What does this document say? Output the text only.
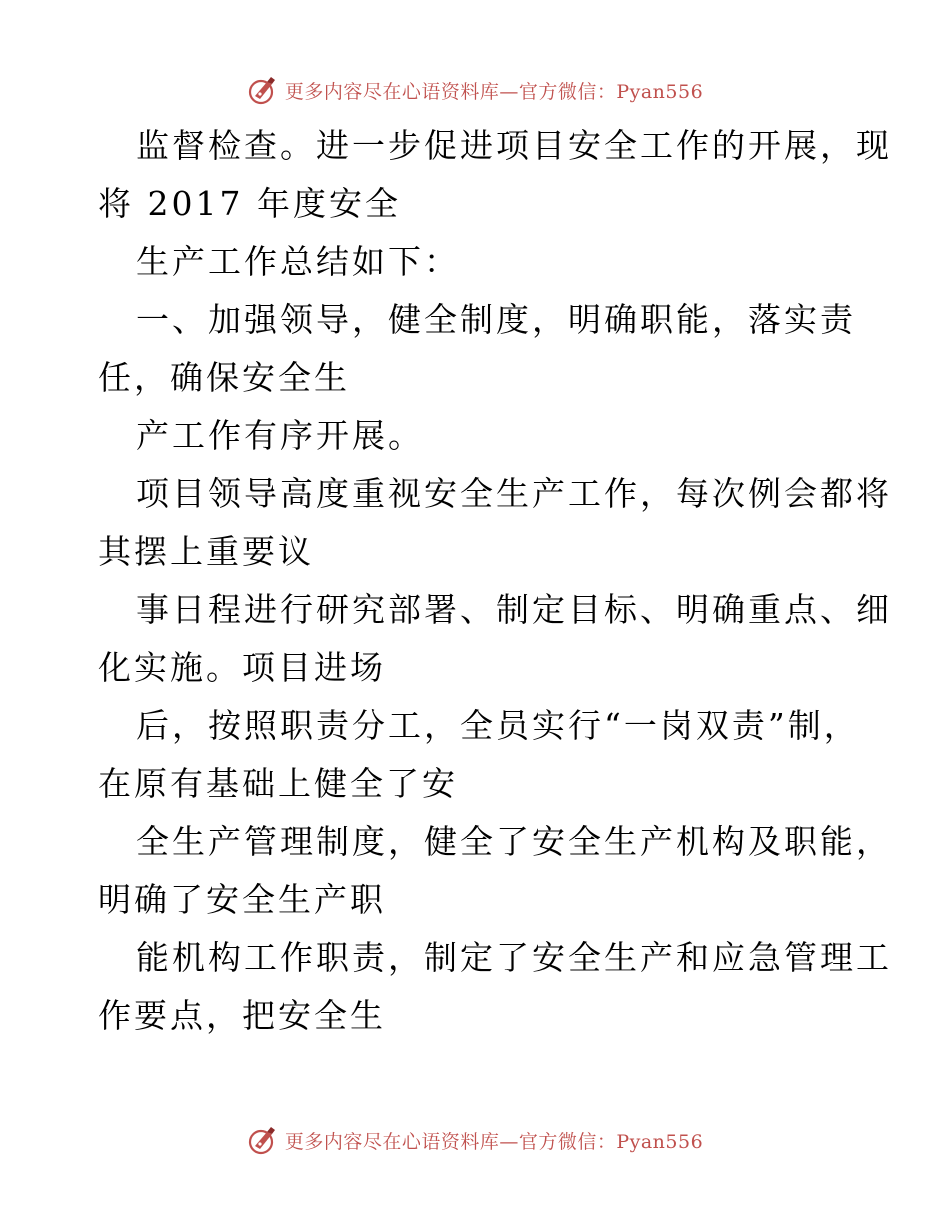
更多内容尽在心语资料库—官方微信：Pyan556
监督检查。进一步促进项目安全工作的开展，现
将 2017 年度安全
生产工作总结如下：
一、加强领导，健全制度，明确职能，落实责
任，确保安全生
产工作有序开展。
项目领导高度重视安全生产工作，每次例会都将
其摆上重要议
事日程进行研究部署、制定目标、明确重点、细
化实施。项目进场
后，按照职责分工，全员实行“一岗双责”制，
在原有基础上健全了安
全生产管理制度，健全了安全生产机构及职能，
明确了安全生产职
能机构工作职责，制定了安全生产和应急管理工
作要点，把安全生
更多内容尽在心语资料库—官方微信：Pyan556
